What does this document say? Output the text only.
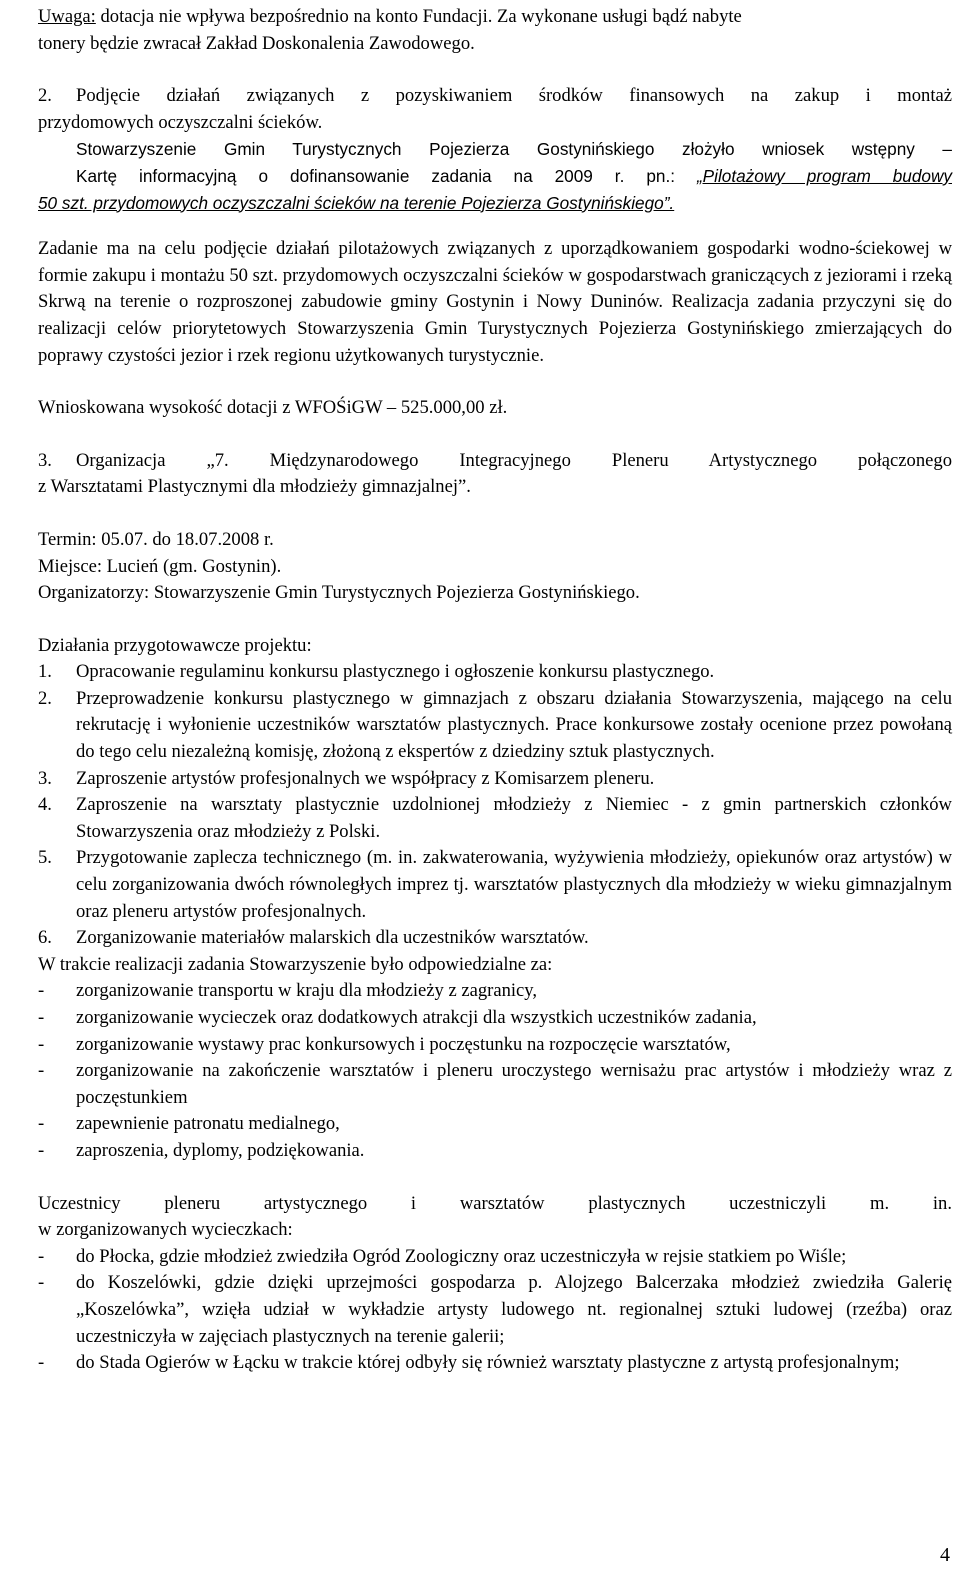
Uwaga: dotacja nie wpływa bezpośrednio na konto Fundacji. Za wykonane usługi bądź nabyte
tonery będzie zwracał Zakład Doskonalenia Zawodowego.

2.	Podjęcie działań związanych z pozyskiwaniem środków finansowych na zakup i montaż

przydomowych oczyszczalni ścieków.

Stowarzyszenie Gmin Turystycznych Pojezierza Gostynińskiego złożyło wniosek wstępny –

Kartę informacyjną o dofinansowanie zadania na 2009 r. pn.: „Pilotażowy program budowy

50 szt. przydomowych oczyszczalni ścieków na terenie Pojezierza Gostynińskiego”.

Zadanie ma na celu podjęcie działań pilotażowych związanych z uporządkowaniem gospodarki wodno-ściekowej w formie zakupu i montażu 50 szt. przydomowych oczyszczalni ścieków w gospodarstwach graniczących z jeziorami i rzeką Skrwą na terenie o rozproszonej zabudowie gminy Gostynin i Nowy Duninów. Realizacja zadania przyczyni się do realizacji celów priorytetowych Stowarzyszenia Gmin Turystycznych Pojezierza Gostynińskiego zmierzających do poprawy czystości jezior i rzek regionu użytkowanych turystycznie.

Wnioskowana wysokość dotacji z WFOŚiGW – 525.000,00 zł.

3.	Organizacja „7. Międzynarodowego Integracyjnego Pleneru Artystycznego połączonego

z Warsztatami Plastycznymi dla młodzieży gimnazjalnej”.

Termin: 05.07. do 18.07.2008 r.

Miejsce: Lucień (gm. Gostynin).

Organizatorzy: Stowarzyszenie Gmin Turystycznych Pojezierza Gostynińskiego.

Działania przygotowawcze projektu:

1.	Opracowanie regulaminu konkursu plastycznego i ogłoszenie konkursu plastycznego.
2.	Przeprowadzenie konkursu plastycznego w gimnazjach z obszaru działania Stowarzyszenia, mającego na celu rekrutację i wyłonienie uczestników warsztatów plastycznych. Prace konkursowe zostały ocenione przez powołaną do tego celu niezależną komisję, złożoną z ekspertów z dziedziny sztuk plastycznych.
3.	Zaproszenie artystów profesjonalnych we współpracy z Komisarzem pleneru.
4.	Zaproszenie na warsztaty plastycznie uzdolnionej młodzieży z Niemiec - z gmin partnerskich członków Stowarzyszenia oraz młodzieży z Polski.
5.	Przygotowanie zaplecza technicznego (m. in. zakwaterowania, wyżywienia młodzieży, opiekunów oraz artystów) w celu zorganizowania dwóch równoległych imprez tj. warsztatów plastycznych dla młodzieży w wieku gimnazjalnym oraz pleneru artystów profesjonalnych.
6.	Zorganizowanie materiałów malarskich dla uczestników warsztatów.

W trakcie realizacji zadania Stowarzyszenie było odpowiedzialne za:

-	zorganizowanie transportu w kraju dla młodzieży z zagranicy,
-	zorganizowanie wycieczek oraz dodatkowych atrakcji dla wszystkich uczestników zadania,
-	zorganizowanie wystawy prac konkursowych i poczęstunku na rozpoczęcie warsztatów,
-	zorganizowanie na zakończenie warsztatów i pleneru uroczystego wernisażu prac artystów i młodzieży wraz z poczęstunkiem
-	zapewnienie patronatu medialnego,
-	zaproszenia, dyplomy, podziękowania.

Uczestnicy pleneru artystycznego i warsztatów plastycznych uczestniczyli m. in.

w zorganizowanych wycieczkach:

-	do Płocka, gdzie młodzież zwiedziła Ogród Zoologiczny oraz uczestniczyła w rejsie statkiem po Wiśle;
-	do Koszelówki, gdzie dzięki uprzejmości gospodarza p. Alojzego Balcerzaka młodzież zwiedziła Galerię „Koszelówka”, wzięła udział w wykładzie artysty ludowego nt. regionalnej sztuki ludowej (rzeźba) oraz uczestniczyła w zajęciach plastycznych na terenie galerii;
-	do Stada Ogierów w Łącku w trakcie której odbyły się również warsztaty plastyczne z artystą profesjonalnym;
4
